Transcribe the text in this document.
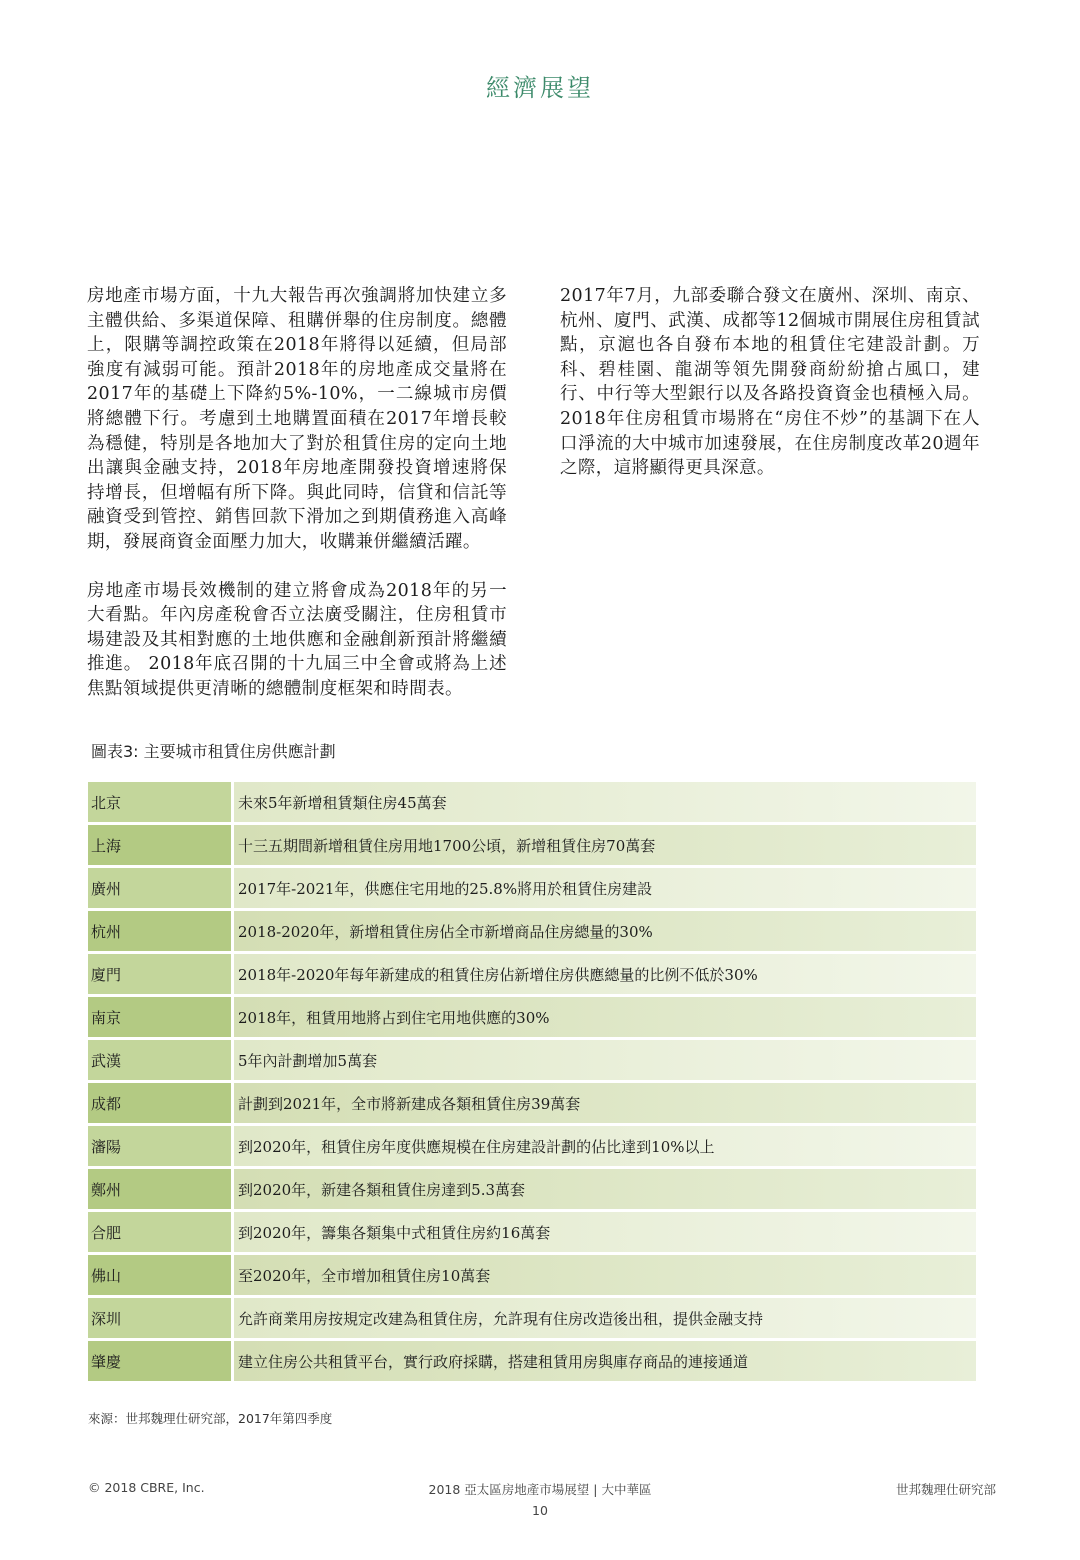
經濟展望

房地產市場方面，十九大報告再次強調將加快建立多主體供給、多渠道保障、租購併舉的住房制度。總體上，限購等調控政策在2018年將得以延續，但局部強度有減弱可能。預計2018年的房地產成交量將在2017年的基礎上下降約5%-10%，一二線城市房價將總體下行。考慮到土地購置面積在2017年增長較為穩健，特別是各地加大了對於租賃住房的定向土地出讓與金融支持，2018年房地產開發投資增速將保持增長，但增幅有所下降。與此同時，信貸和信託等融資受到管控、銷售回款下滑加之到期債務進入高峰期，發展商資金面壓力加大，收購兼併繼續活躍。

房地產市場長效機制的建立將會成為2018年的另一大看點。年內房產稅會否立法廣受關注，住房租賃市場建設及其相對應的土地供應和金融創新預計將繼續推進。 2018年底召開的十九屆三中全會或將為上述焦點領域提供更清晰的總體制度框架和時間表。

2017年7月，九部委聯合發文在廣州、深圳、南京、杭州、廈門、武漢、成都等12個城市開展住房租賃試點，京滬也各自發布本地的租賃住宅建設計劃。万科、碧桂園、龍湖等領先開發商紛紛搶占風口，建行、中行等大型銀行以及各路投資資金也積極入局。2018年住房租賃市場將在“房住不炒”的基調下在人口淨流的大中城市加速發展，在住房制度改革20週年之際，這將顯得更具深意。

圖表3: 主要城市租賃住房供應計劃
北京	未來5年新增租賃類住房45萬套
上海	十三五期間新增租賃住房用地1700公頃，新增租賃住房70萬套
廣州	2017年-2021年，供應住宅用地的25.8%將用於租賃住房建設
杭州	2018-2020年，新增租賃住房佔全市新增商品住房總量的30%
廈門	2018年-2020年每年新建成的租賃住房佔新增住房供應總量的比例不低於30%
南京	2018年，租賃用地將占到住宅用地供應的30%
武漢	5年內計劃增加5萬套
成都	計劃到2021年，全市將新建成各類租賃住房39萬套
瀋陽	到2020年，租賃住房年度供應規模在住房建設計劃的佔比達到10%以上
鄭州	到2020年，新建各類租賃住房達到5.3萬套
合肥	到2020年，籌集各類集中式租賃住房約16萬套
佛山	至2020年，全市增加租賃住房10萬套
深圳	允許商業用房按規定改建為租賃住房，允許現有住房改造後出租，提供金融支持
肇慶	建立住房公共租賃平台，實行政府採購，搭建租賃用房與庫存商品的連接通道
來源：世邦魏理仕研究部，2017年第四季度
© 2018 CBRE, Inc.	2018 亞太區房地產市場展望 | 大中華區	世邦魏理仕研究部
10
